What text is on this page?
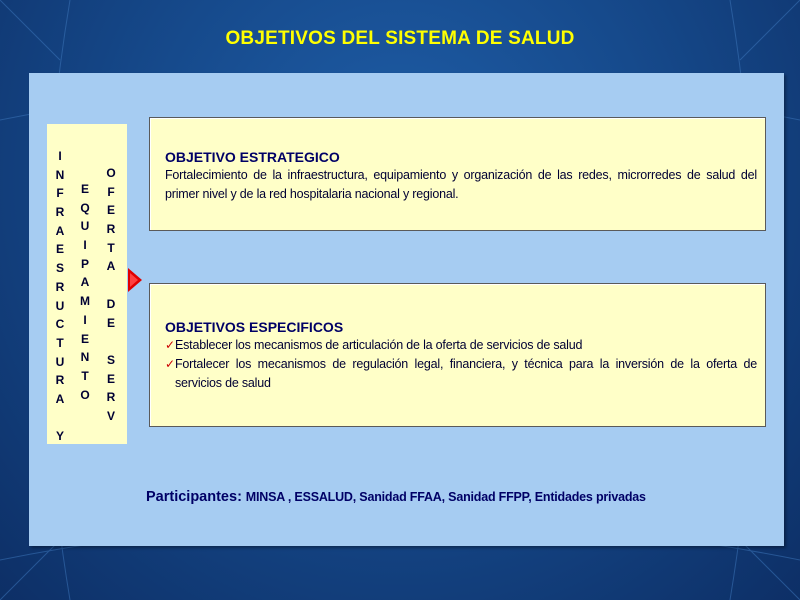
OBJETIVOS DEL SISTEMA DE SALUD
I
N
F
R
A
E
S
R
U
C
T
U
R
A
Y
E
Q
U
I
P
A
M
I
E
N
T
O
O
F
E
R
T
A
D
E
S
E
R
V
OBJETIVO ESTRATEGICO
Fortalecimiento de la infraestructura, equipamiento y organización de las redes, microrredes de salud del primer nivel y de la red hospitalaria nacional y regional.
OBJETIVOS ESPECIFICOS
✓ Establecer los mecanismos de articulación de la oferta de servicios de salud
✓ Fortalecer los mecanismos de regulación legal, financiera, y técnica para la inversión de la oferta de servicios de salud
Participantes: MINSA , ESSALUD, Sanidad FFAA, Sanidad FFPP, Entidades privadas
